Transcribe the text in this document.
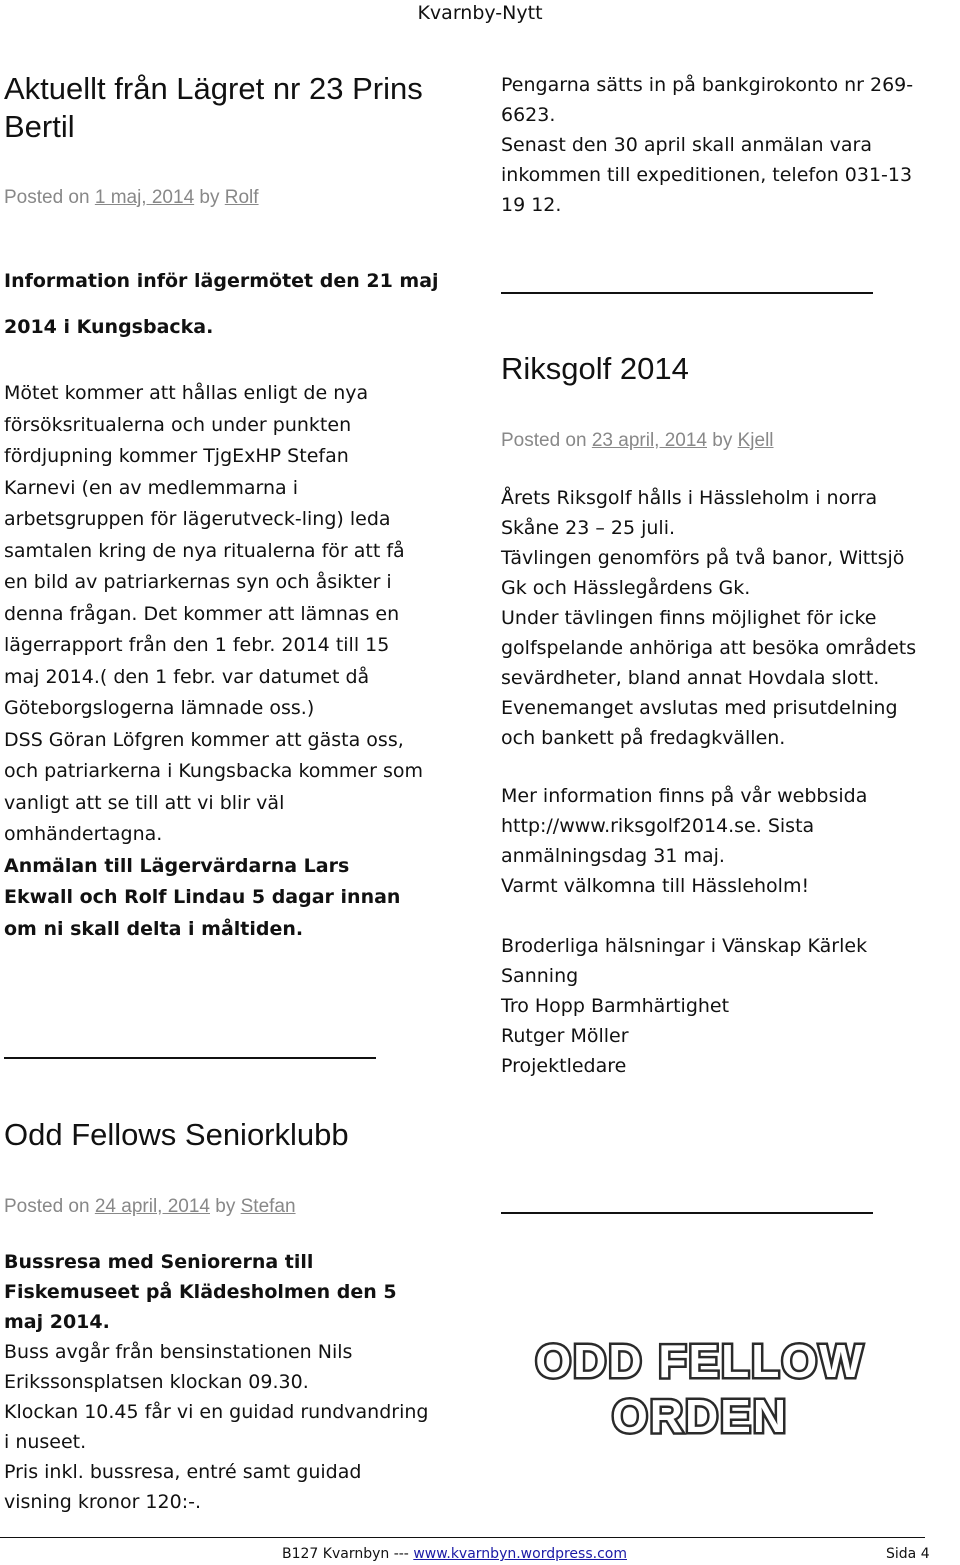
Kvarnby-Nytt
Aktuellt från Lägret nr 23 Prins Bertil
Posted on 1 maj, 2014 by Rolf
Information inför lägermötet den 21 maj
2014 i Kungsbacka.

Mötet kommer att hållas enligt de nya försöksritualerna och under punkten fördjupning kommer TjgExHP Stefan Karnevi (en av medlemmarna i arbetsgruppen för lägerutveck-ling) leda samtalen kring de nya ritualerna för att få en bild av patriarkernas syn och åsikter i denna frågan. Det kommer att lämnas en lägerrapport från den 1 febr. 2014 till 15 maj 2014.( den 1 febr. var datumet då Göteborgslogerna lämnade oss.)

DSS Göran Löfgren kommer att gästa oss, och patriarkerna i Kungsbacka kommer som vanligt att se till att vi blir väl omhändertagna.

Anmälan till Lägervärdarna Lars Ekwall och Rolf Lindau 5 dagar innan om ni skall delta i måltiden.

Odd Fellows Seniorklubb
Posted on 24 april, 2014 by Stefan

Bussresa med Seniorerna till Fiskemuseet på Klädesholmen den 5 maj 2014.

Buss avgår från bensinstationen Nils Erikssonsplatsen klockan 09.30.

Klockan 10.45 får vi en guidad rundvandring i nuseet.

Pris inkl. bussresa, entré samt guidad visning kronor 120:-.

Pengarna sätts in på bankgirokonto nr 269-6623.

Senast den 30 april skall anmälan vara inkommen till expeditionen, telefon 031-13 19 12.

Riksgolf 2014
Posted on 23 april, 2014 by Kjell

Årets Riksgolf hålls i Hässleholm i norra Skåne 23 – 25 juli.

Tävlingen genomförs på två banor, Wittsjö Gk och Hässlegårdens Gk.

Under tävlingen finns möjlighet för icke golfspelande anhöriga att besöka områdets sevärdheter, bland annat Hovdala slott.

Evenemanget avslutas med prisutdelning och bankett på fredagkvällen.

Mer information finns på vår webbsida http://www.riksgolf2014.se. Sista anmälningsdag 31 maj.

Varmt välkomna till Hässleholm!

Broderliga hälsningar i Vänskap Kärlek Sanning

Tro Hopp Barmhärtighet

Rutger Möller

Projektledare

ODD FELLOW
ORDEN
B127 Kvarnbyn --- www.kvarnbyn.wordpress.com	Sida 4
